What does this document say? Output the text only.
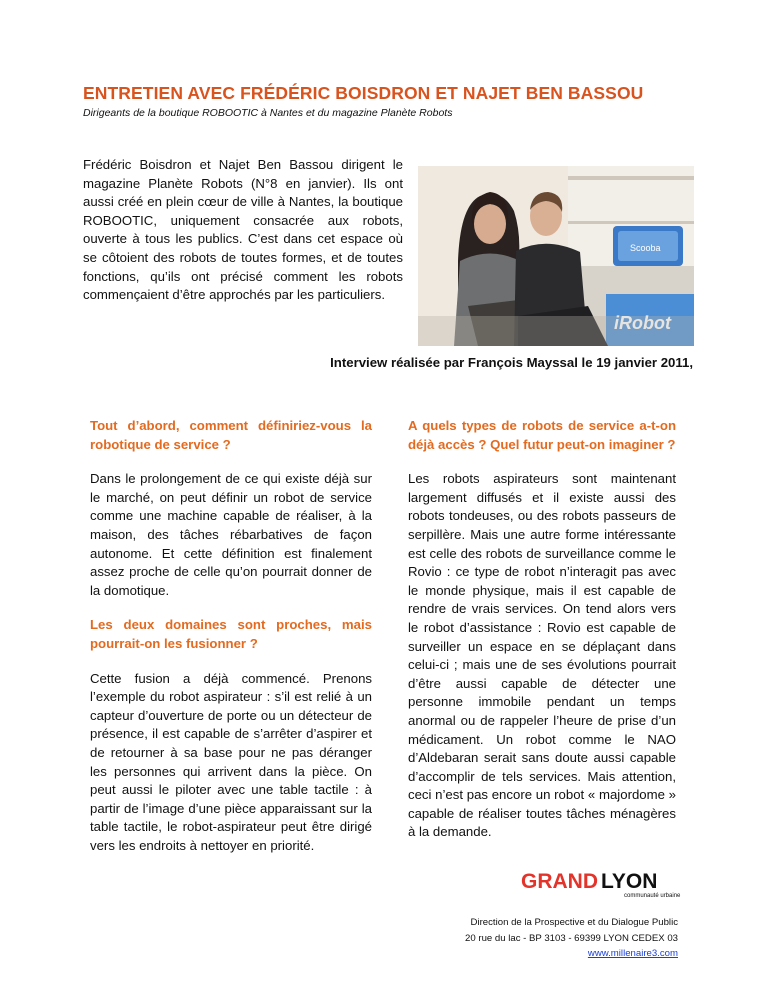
ENTRETIEN AVEC FRÉDÉRIC BOISDRON ET NAJET BEN BASSOU
Dirigeants de la boutique ROBOOTIC à Nantes et du magazine Planète Robots
Frédéric Boisdron et Najet Ben Bassou dirigent le magazine Planète Robots (N°8 en janvier). Ils ont aussi créé en plein cœur de ville à Nantes, la boutique ROBOOTIC, uniquement consacrée aux robots, ouverte à tous les publics. C’est dans cet espace où se côtoient des robots de toutes formes, et de toutes fonctions, qu’ils ont précisé comment les robots commençaient d’être approchés par les particuliers.
Scooba
iRobot
Interview réalisée par François Mayssal le 19 janvier 2011,
Tout d’abord, comment définiriez-vous la robotique de service ?
Dans le prolongement de ce qui existe déjà sur le marché, on peut définir un robot de service comme une machine capable de réaliser, à la maison, des tâches rébarbatives de façon autonome. Et cette définition est finalement assez proche de celle qu’on pourrait donner de la domotique.
Les deux domaines sont proches, mais pourrait-on les fusionner ?
Cette fusion a déjà commencé. Prenons l’exemple du robot aspirateur : s’il est relié à un capteur d’ouverture de porte ou un détecteur de présence, il est capable de s’arrêter d’aspirer et de retourner à sa base pour ne pas déranger les personnes qui arrivent dans la pièce. On peut aussi le piloter avec une table tactile : à partir de l’image d’une pièce apparaissant sur la table tactile, le robot-aspirateur peut être dirigé vers les endroits à nettoyer en priorité.
A quels types de robots de service a-t-on déjà accès ? Quel futur peut-on imaginer ?
Les robots aspirateurs sont maintenant largement diffusés et il existe aussi des robots tondeuses, ou des robots passeurs de serpillère. Mais une autre forme intéressante est celle des robots de surveillance comme le Rovio : ce type de robot n’interagit pas avec le monde physique, mais il est capable de rendre de vrais services. On tend alors vers le robot d’assistance : Rovio est capable de surveiller un espace en se déplaçant dans celui-ci ; mais une de ses évolutions pourrait d’être aussi capable de détecter une personne immobile pendant un temps anormal ou de rappeler l’heure de prise d’un médicament. Un robot comme le NAO d’Aldebaran serait sans doute aussi capable d’accomplir de tels services. Mais attention, ceci n’est pas encore un robot « majordome » capable de réaliser toutes tâches ménagères à la demande.
GRAND LYON
communauté urbaine
Direction de la Prospective et du Dialogue Public
20 rue du lac - BP 3103 - 69399 LYON CEDEX 03
www.millenaire3.com
